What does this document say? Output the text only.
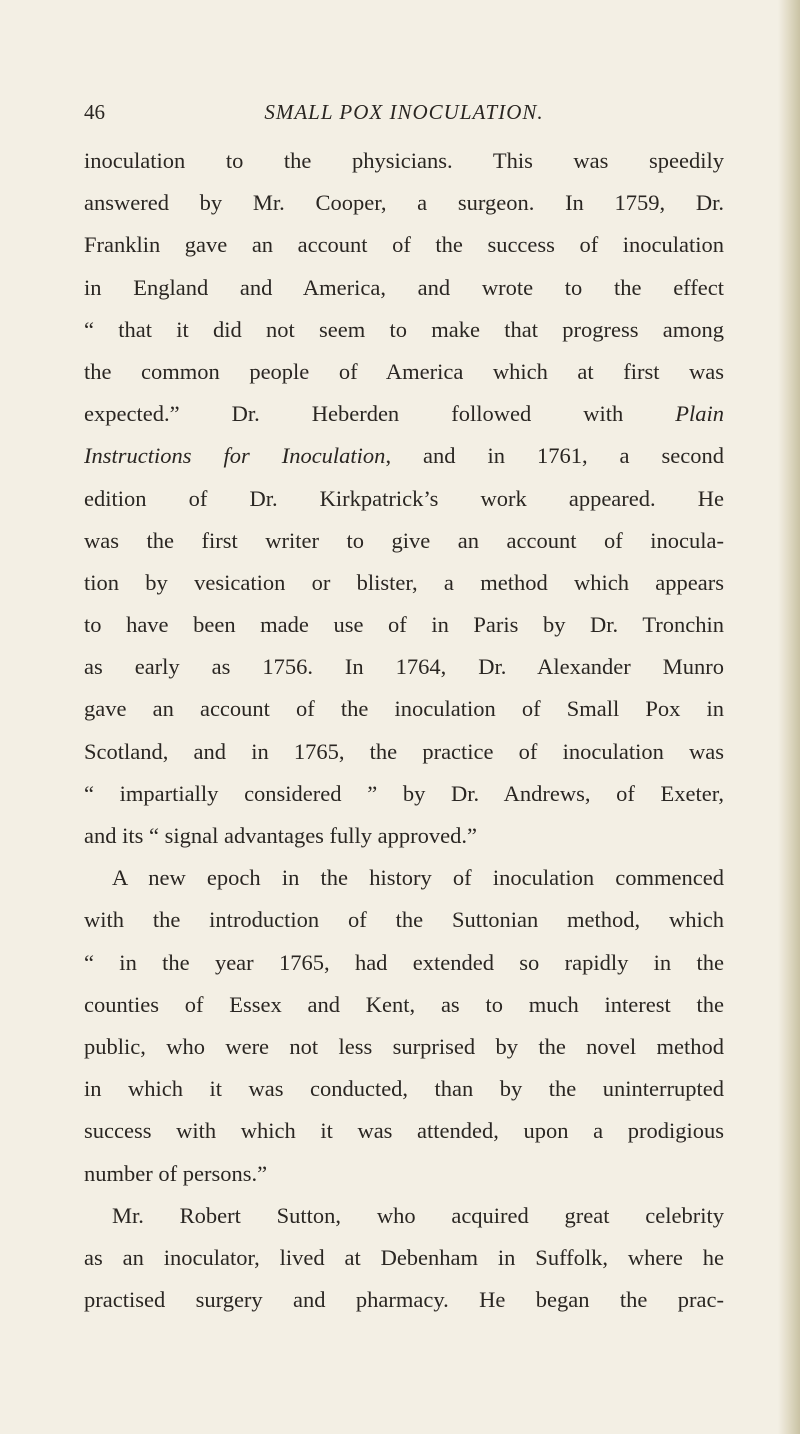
46	SMALL POX INOCULATION.
inoculation to the physicians. This was speedily
answered by Mr. Cooper, a surgeon. In 1759, Dr.
Franklin gave an account of the success of inoculation
in England and America, and wrote to the effect
“ that it did not seem to make that progress among
the common people of America which at first was
expected.” Dr. Heberden followed with Plain
Instructions for Inoculation, and in 1761, a second
edition of Dr. Kirkpatrick’s work appeared. He
was the first writer to give an account of inocula-
tion by vesication or blister, a method which appears
to have been made use of in Paris by Dr. Tronchin
as early as 1756. In 1764, Dr. Alexander Munro
gave an account of the inoculation of Small Pox in
Scotland, and in 1765, the practice of inoculation was
“ impartially considered ” by Dr. Andrews, of Exeter,
and its “ signal advantages fully approved.”
A new epoch in the history of inoculation commenced
with the introduction of the Suttonian method, which
“ in the year 1765, had extended so rapidly in the
counties of Essex and Kent, as to much interest the
public, who were not less surprised by the novel method
in which it was conducted, than by the uninterrupted
success with which it was attended, upon a prodigious
number of persons.”
Mr. Robert Sutton, who acquired great celebrity
as an inoculator, lived at Debenham in Suffolk, where he
practised surgery and pharmacy. He began the prac-
